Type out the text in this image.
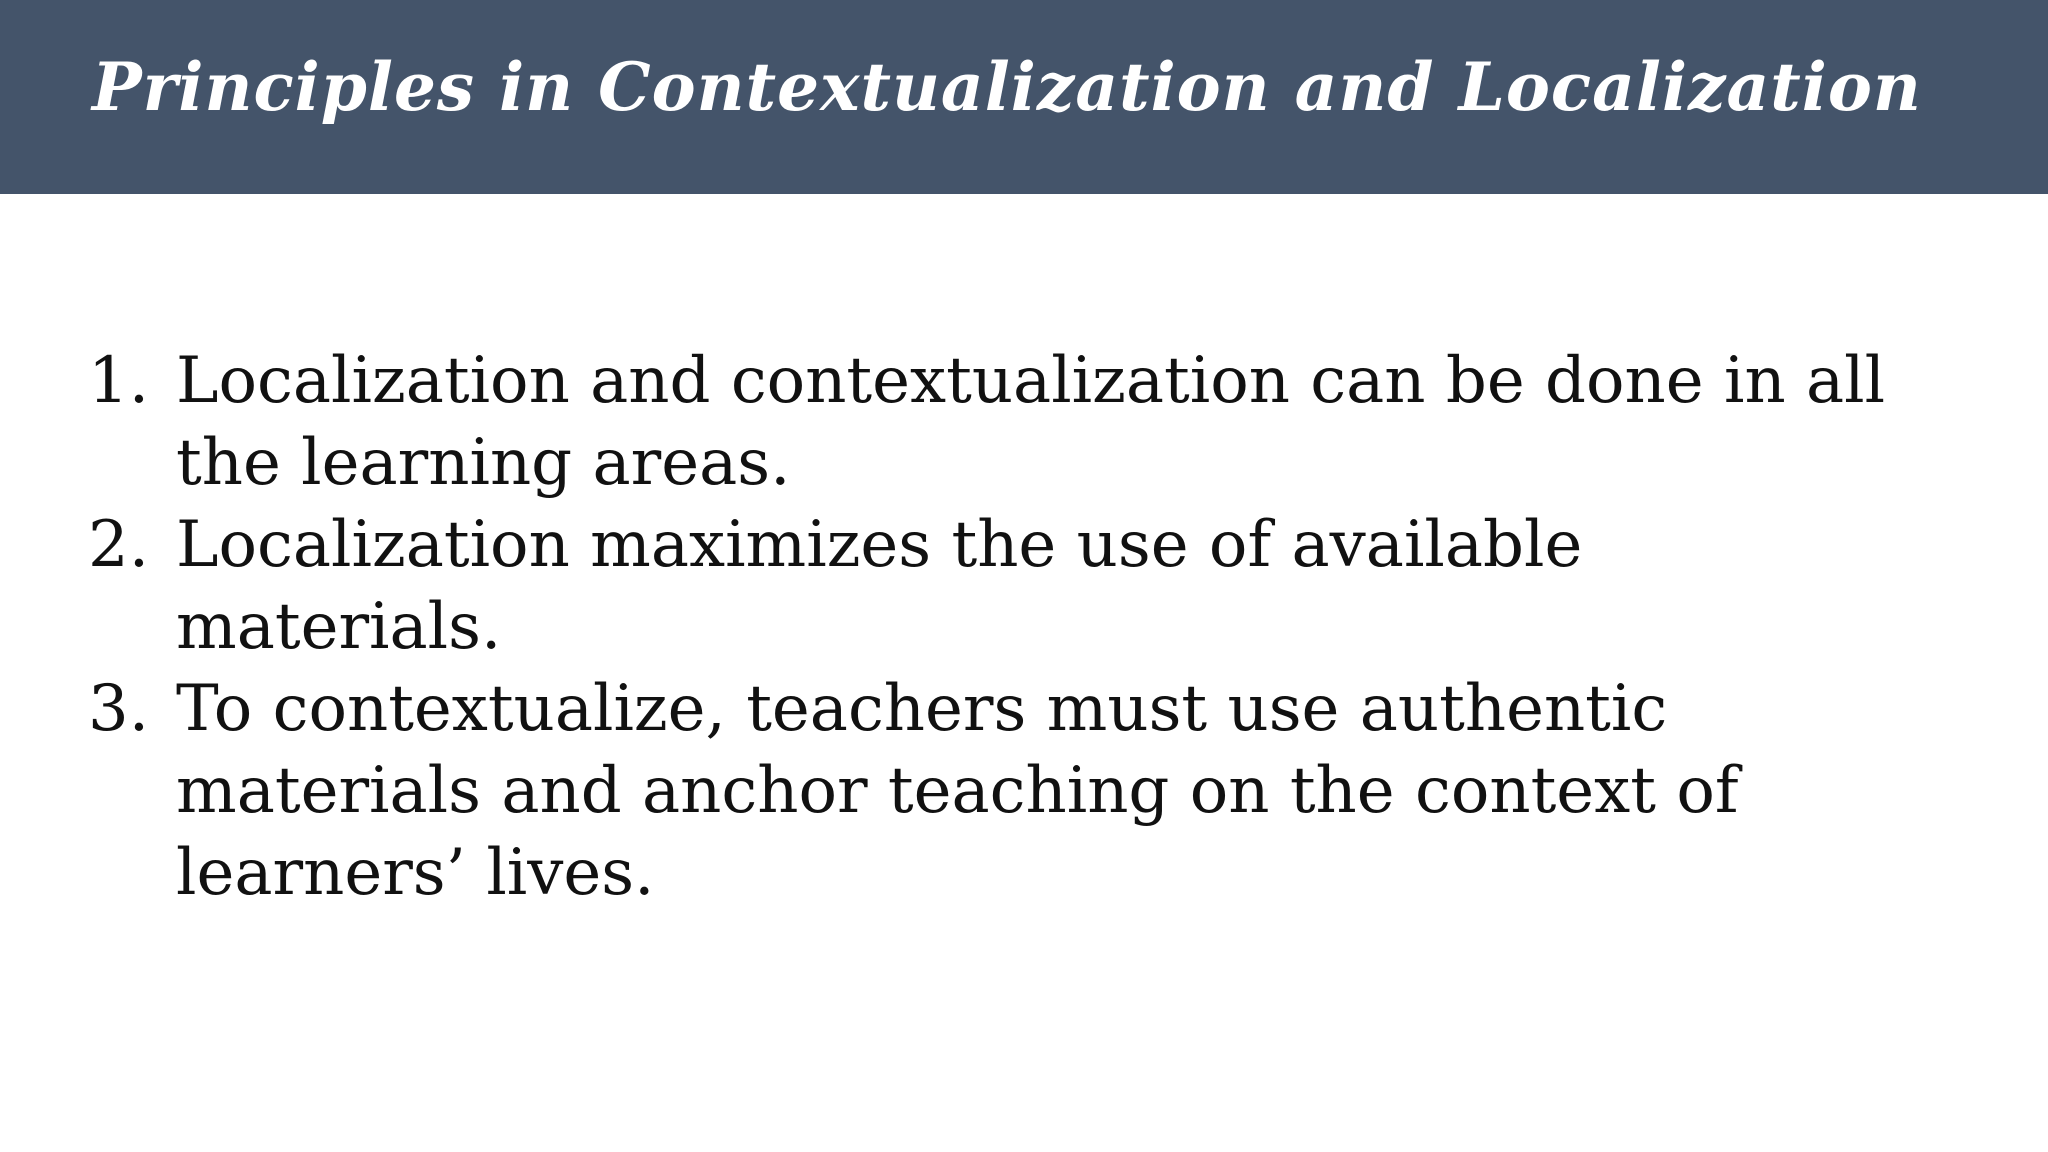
Principles in Contextualization and Localization
1. Localization and contextualization can be done in all
the learning areas.
2. Localization maximizes the use of available
materials.
3. To contextualize, teachers must use authentic
materials and anchor teaching on the context of
learners’ lives.
